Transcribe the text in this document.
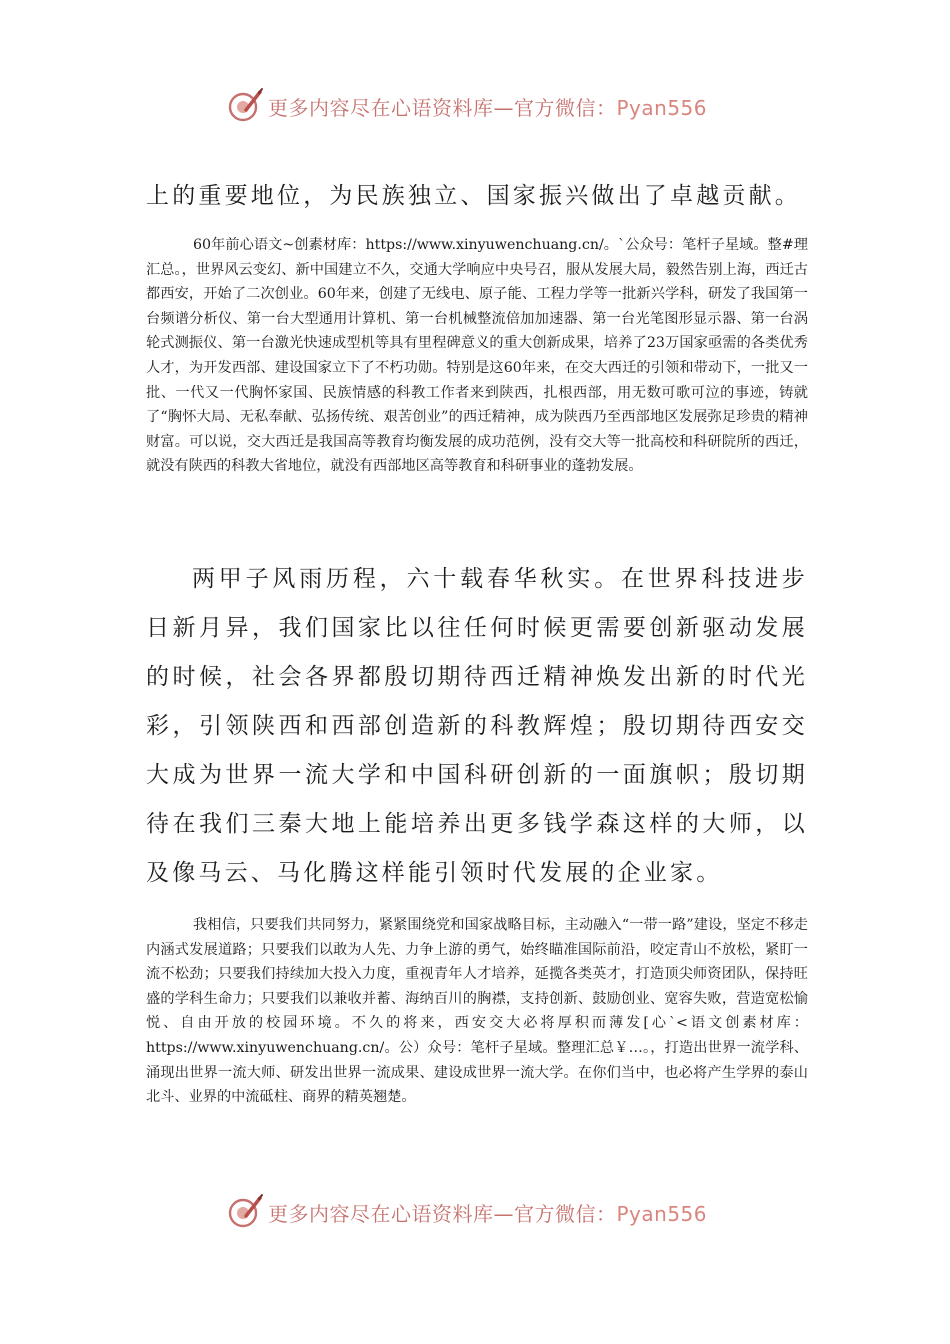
更多内容尽在心语资料库—官方微信：Pyan556

上的重要地位，为民族独立、国家振兴做出了卓越贡献。

60年前心语文~创素材库：https://www.xinyuwenchuang.cn/。`公众号：笔杆子星域。整#理汇总。，世界风云变幻、新中国建立不久，交通大学响应中央号召，服从发展大局，毅然告别上海，西迁古都西安，开始了二次创业。60年来，创建了无线电、原子能、工程力学等一批新兴学科，研发了我国第一台频谱分析仪、第一台大型通用计算机、第一台机械整流倍加加速器、第一台光笔图形显示器、第一台涡轮式测振仪、第一台激光快速成型机等具有里程碑意义的重大创新成果，培养了23万国家亟需的各类优秀人才，为开发西部、建设国家立下了不朽功勋。特别是这60年来，在交大西迁的引领和带动下，一批又一批、一代又一代胸怀家国、民族情感的科教工作者来到陕西，扎根西部，用无数可歌可泣的事迹，铸就了“胸怀大局、无私奉献、弘扬传统、艰苦创业”的西迁精神，成为陕西乃至西部地区发展弥足珍贵的精神财富。可以说，交大西迁是我国高等教育均衡发展的成功范例，没有交大等一批高校和科研院所的西迁，就没有陕西的科教大省地位，就没有西部地区高等教育和科研事业的蓬勃发展。

两甲子风雨历程，六十载春华秋实。在世界科技进步日新月异，我们国家比以往任何时候更需要创新驱动发展的时候，社会各界都殷切期待西迁精神焕发出新的时代光彩，引领陕西和西部创造新的科教辉煌；殷切期待西安交大成为世界一流大学和中国科研创新的一面旗帜；殷切期待在我们三秦大地上能培养出更多钱学森这样的大师，以及像马云、马化腾这样能引领时代发展的企业家。

我相信，只要我们共同努力，紧紧围绕党和国家战略目标，主动融入“一带一路”建设，坚定不移走内涵式发展道路；只要我们以敢为人先、力争上游的勇气，始终瞄准国际前沿，咬定青山不放松，紧盯一流不松劲；只要我们持续加大投入力度，重视青年人才培养，延揽各类英才，打造顶尖师资团队，保持旺盛的学科生命力；只要我们以兼收并蓄、海纳百川的胸襟，支持创新、鼓励创业、宽容失败，营造宽松愉悦、自由开放的校园环境。不久的将来，西安交大必将厚积而薄发[心`<语文创素材库：https://www.xinyuwenchuang.cn/。公）众号：笔杆子星域。整理汇总￥…。，打造出世界一流学科、涌现出世界一流大师、研发出世界一流成果、建设成世界一流大学。在你们当中，也必将产生学界的泰山北斗、业界的中流砥柱、商界的精英翘楚。

更多内容尽在心语资料库—官方微信：Pyan556
